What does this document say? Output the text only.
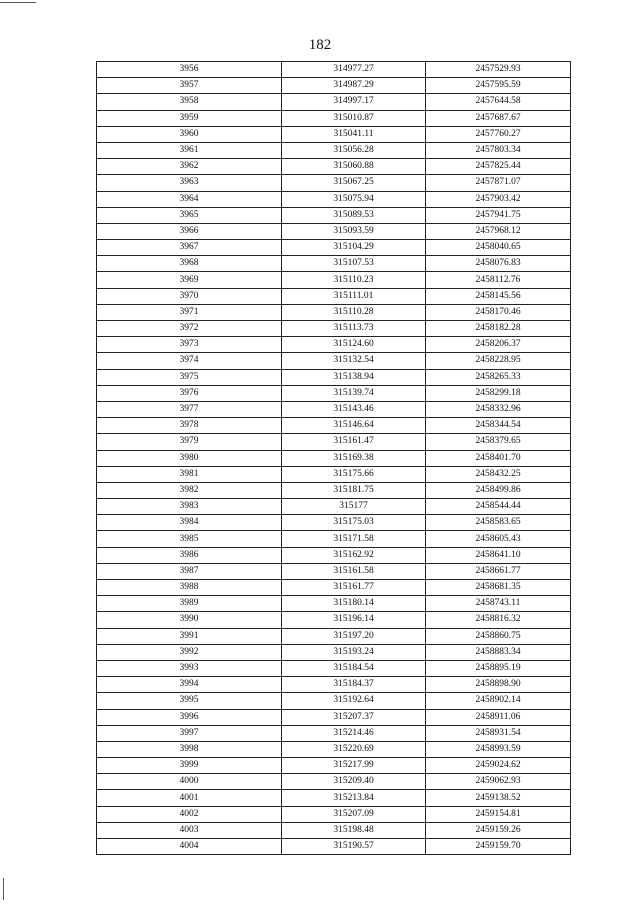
182
3956	314977.27	2457529.93
3957	314987.29	2457595.59
3958	314997.17	2457644.58
3959	315010.87	2457687.67
3960	315041.11	2457760.27
3961	315056.28	2457803.34
3962	315060.88	2457825.44
3963	315067.25	2457871.07
3964	315075.94	2457903.42
3965	315089.53	2457941.75
3966	315093.59	2457968.12
3967	315104.29	2458040.65
3968	315107.53	2458076.83
3969	315110.23	2458112.76
3970	315111.01	2458145.56
3971	315110.28	2458170.46
3972	315113.73	2458182.28
3973	315124.60	2458206.37
3974	315132.54	2458228.95
3975	315138.94	2458265.33
3976	315139.74	2458299.18
3977	315143.46	2458332.96
3978	315146.64	2458344.54
3979	315161.47	2458379.65
3980	315169.38	2458401.70
3981	315175.66	2458432.25
3982	315181.75	2458499.86
3983	315177	2458544.44
3984	315175.03	2458583.65
3985	315171.58	2458605.43
3986	315162.92	2458641.10
3987	315161.58	2458661.77
3988	315161.77	2458681.35
3989	315180.14	2458743.11
3990	315196.14	2458816.32
3991	315197.20	2458860.75
3992	315193.24	2458883.34
3993	315184.54	2458895.19
3994	315184.37	2458898.90
3995	315192.64	2458902.14
3996	315207.37	2458911.06
3997	315214.46	2458931.54
3998	315220.69	2458993.59
3999	315217.99	2459024.62
4000	315209.40	2459062.93
4001	315213.84	2459138.52
4002	315207.09	2459154.81
4003	315198.48	2459159.26
4004	315190.57	2459159.70
